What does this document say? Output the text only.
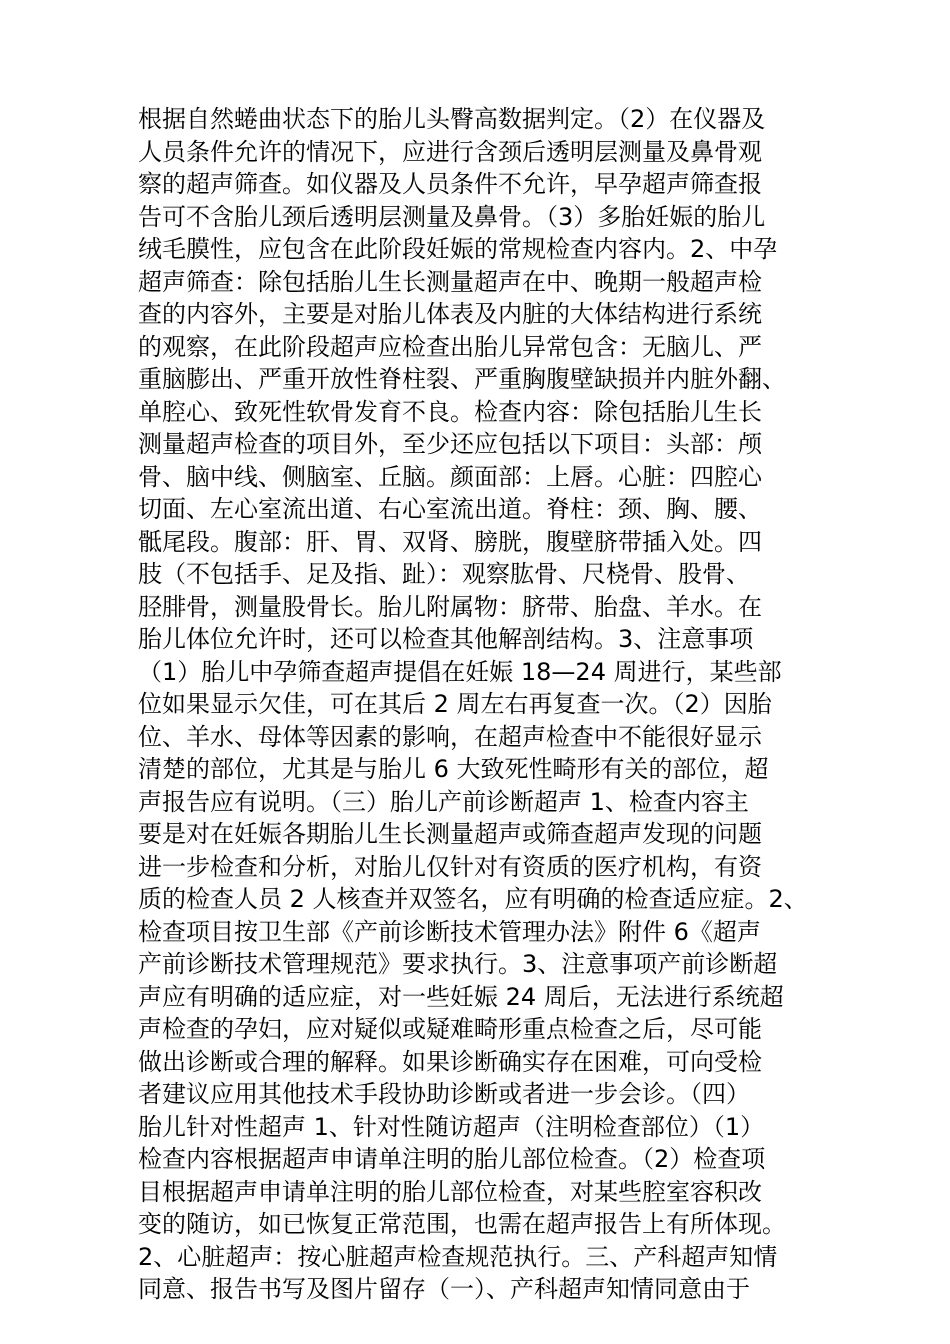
根据自然蜷曲状态下的胎儿头臀高数据判定。（2）在仪器及
人员条件允许的情况下，应进行含颈后透明层测量及鼻骨观
察的超声筛查。如仪器及人员条件不允许，早孕超声筛查报
告可不含胎儿颈后透明层测量及鼻骨。（3）多胎妊娠的胎儿
绒毛膜性，应包含在此阶段妊娠的常规检查内容内。2、中孕
超声筛查：除包括胎儿生长测量超声在中、晚期一般超声检
查的内容外，主要是对胎儿体表及内脏的大体结构进行系统
的观察，在此阶段超声应检查出胎儿异常包含：无脑儿、严
重脑膨出、严重开放性脊柱裂、严重胸腹壁缺损并内脏外翻、
单腔心、致死性软骨发育不良。检查内容：除包括胎儿生长
测量超声检查的项目外，至少还应包括以下项目：头部：颅
骨、脑中线、侧脑室、丘脑。颜面部：上唇。心脏：四腔心
切面、左心室流出道、右心室流出道。脊柱：颈、胸、腰、
骶尾段。腹部：肝、胃、双肾、膀胱，腹壁脐带插入处。四
肢（不包括手、足及指、趾）：观察肱骨、尺桡骨、股骨、
胫腓骨，测量股骨长。胎儿附属物：脐带、胎盘、羊水。在
胎儿体位允许时，还可以检查其他解剖结构。3、注意事项
（1）胎儿中孕筛查超声提倡在妊娠 18—24 周进行，某些部
位如果显示欠佳，可在其后 2 周左右再复查一次。（2）因胎
位、羊水、母体等因素的影响，在超声检查中不能很好显示
清楚的部位，尤其是与胎儿 6 大致死性畸形有关的部位，超
声报告应有说明。（三）胎儿产前诊断超声 1、检查内容主
要是对在妊娠各期胎儿生长测量超声或筛查超声发现的问题
进一步检查和分析，对胎儿仅针对有资质的医疗机构，有资
质的检查人员 2 人核查并双签名，应有明确的检查适应症。2、
检查项目按卫生部《产前诊断技术管理办法》附件 6《超声
产前诊断技术管理规范》要求执行。3、注意事项产前诊断超
声应有明确的适应症，对一些妊娠 24 周后，无法进行系统超
声检查的孕妇，应对疑似或疑难畸形重点检查之后，尽可能
做出诊断或合理的解释。如果诊断确实存在困难，可向受检
者建议应用其他技术手段协助诊断或者进一步会诊。（四）
胎儿针对性超声 1、针对性随访超声（注明检查部位）（1）
检查内容根据超声申请单注明的胎儿部位检查。（2）检查项
目根据超声申请单注明的胎儿部位检查，对某些腔室容积改
变的随访，如已恢复正常范围，也需在超声报告上有所体现。
2、心脏超声：按心脏超声检查规范执行。三、产科超声知情
同意、报告书写及图片留存（一）、产科超声知情同意由于
